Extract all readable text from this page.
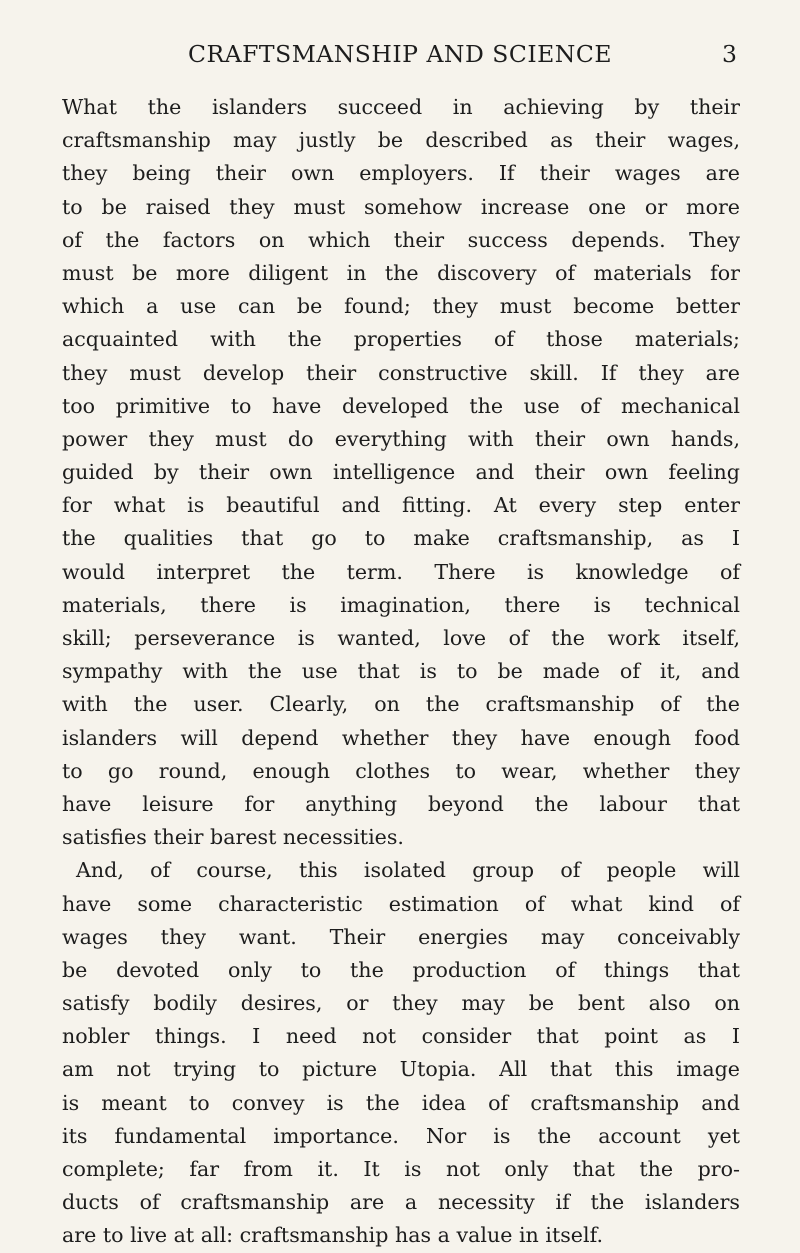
CRAFTSMANSHIP AND SCIENCE	3
What the islanders succeed in achieving by their
craftsmanship may justly be described as their wages,
they being their own employers. If their wages are
to be raised they must somehow increase one or more
of the factors on which their success depends. They
must be more diligent in the discovery of materials for
which a use can be found; they must become better
acquainted with the properties of those materials;
they must develop their constructive skill. If they are
too primitive to have developed the use of mechanical
power they must do everything with their own hands,
guided by their own intelligence and their own feeling
for what is beautiful and fitting. At every step enter
the qualities that go to make craftsmanship, as I
would interpret the term. There is knowledge of
materials, there is imagination, there is technical
skill; perseverance is wanted, love of the work itself,
sympathy with the use that is to be made of it, and
with the user. Clearly, on the craftsmanship of the
islanders will depend whether they have enough food
to go round, enough clothes to wear, whether they
have leisure for anything beyond the labour that
satisfies their barest necessities.
And, of course, this isolated group of people will
have some characteristic estimation of what kind of
wages they want. Their energies may conceivably
be devoted only to the production of things that
satisfy bodily desires, or they may be bent also on
nobler things. I need not consider that point as I
am not trying to picture Utopia. All that this image
is meant to convey is the idea of craftsmanship and
its fundamental importance. Nor is the account yet
complete; far from it. It is not only that the pro-
ducts of craftsmanship are a necessity if the islanders
are to live at all: craftsmanship has a value in itself.
